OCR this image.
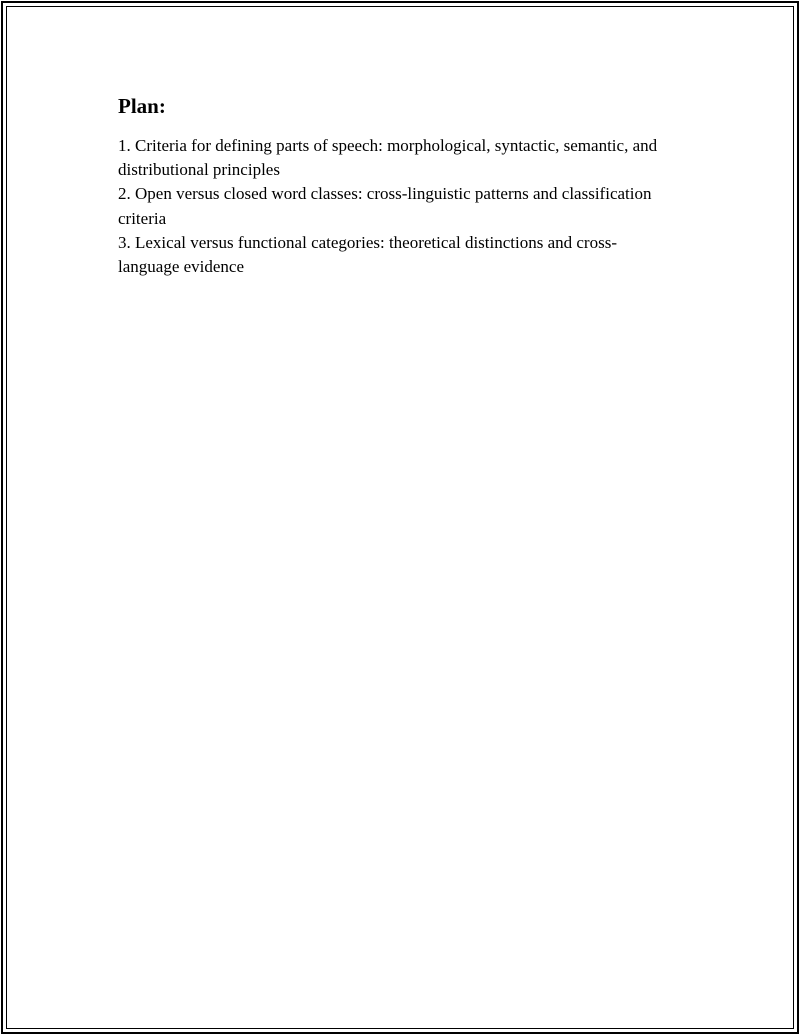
Plan:
1. Criteria for defining parts of speech: morphological, syntactic, semantic, and distributional principles
2. Open versus closed word classes: cross-linguistic patterns and classification criteria
3. Lexical versus functional categories: theoretical distinctions and cross-language evidence
